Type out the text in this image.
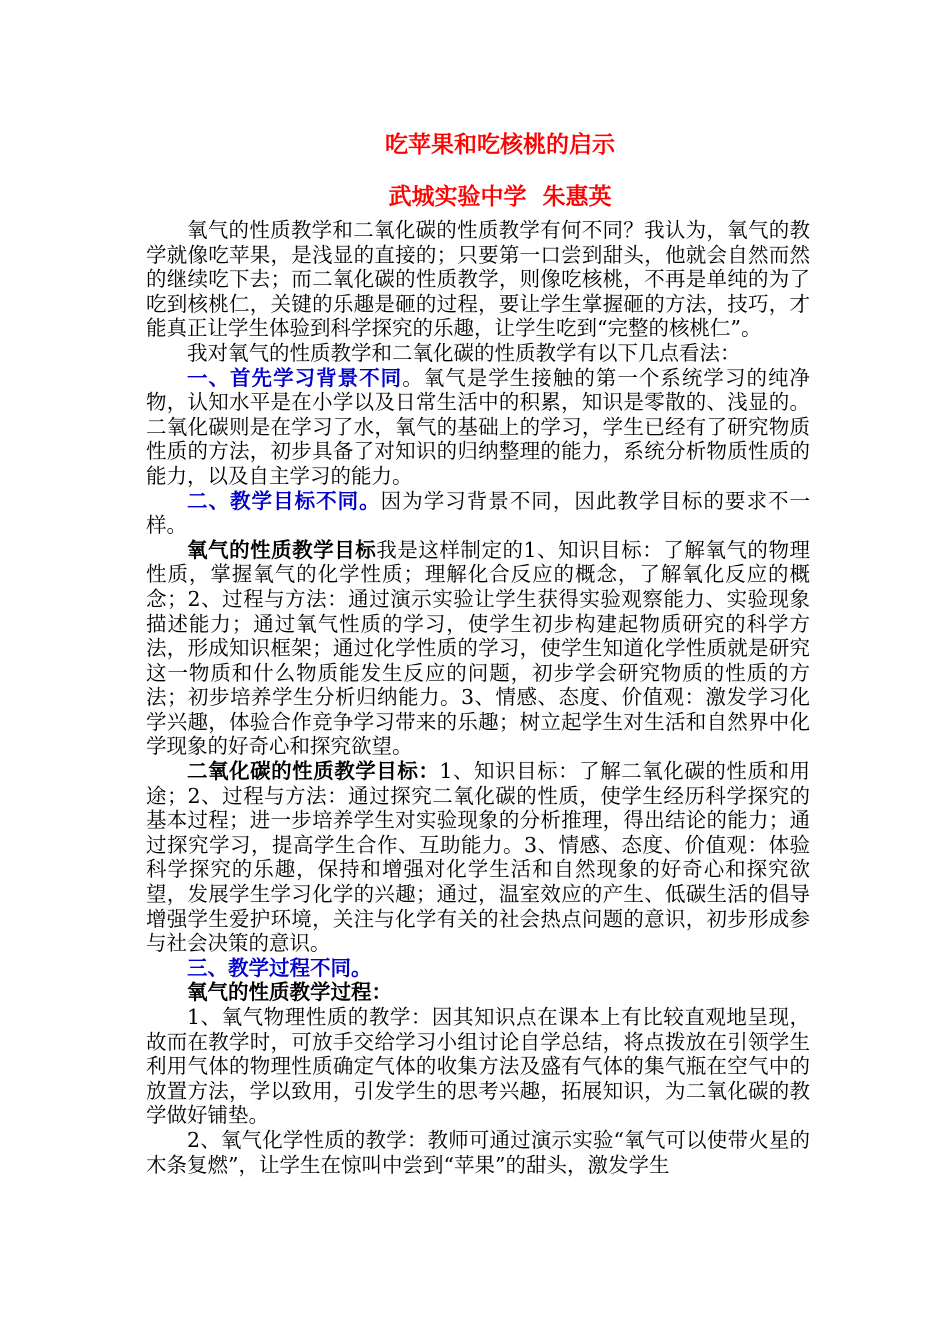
吃苹果和吃核桃的启示

武城实验中学  朱惠英

氧气的性质教学和二氧化碳的性质教学有何不同？我认为，氧气的教学就像吃苹果，是浅显的直接的；只要第一口尝到甜头，他就会自然而然的继续吃下去；而二氧化碳的性质教学，则像吃核桃，不再是单纯的为了吃到核桃仁，关键的乐趣是砸的过程，要让学生掌握砸的方法，技巧，才能真正让学生体验到科学探究的乐趣，让学生吃到“完整的核桃仁”。

我对氧气的性质教学和二氧化碳的性质教学有以下几点看法：

一、首先学习背景不同。氧气是学生接触的第一个系统学习的纯净物，认知水平是在小学以及日常生活中的积累，知识是零散的、浅显的。二氧化碳则是在学习了水，氧气的基础上的学习，学生已经有了研究物质性质的方法，初步具备了对知识的归纳整理的能力，系统分析物质性质的能力，以及自主学习的能力。

二、教学目标不同。因为学习背景不同，因此教学目标的要求不一样。

氧气的性质教学目标我是这样制定的1、知识目标：了解氧气的物理性质，掌握氧气的化学性质；理解化合反应的概念，了解氧化反应的概念；2、过程与方法：通过演示实验让学生获得实验观察能力、实验现象描述能力；通过氧气性质的学习，使学生初步构建起物质研究的科学方法，形成知识框架；通过化学性质的学习，使学生知道化学性质就是研究这一物质和什么物质能发生反应的问题，初步学会研究物质的性质的方法；初步培养学生分析归纳能力。3、情感、态度、价值观：激发学习化学兴趣，体验合作竞争学习带来的乐趣；树立起学生对生活和自然界中化学现象的好奇心和探究欲望。

二氧化碳的性质教学目标：1、知识目标：了解二氧化碳的性质和用途；2、过程与方法：通过探究二氧化碳的性质，使学生经历科学探究的基本过程；进一步培养学生对实验现象的分析推理，得出结论的能力；通过探究学习，提高学生合作、互助能力。3、情感、态度、价值观：体验科学探究的乐趣，保持和增强对化学生活和自然现象的好奇心和探究欲望，发展学生学习化学的兴趣；通过，温室效应的产生、低碳生活的倡导增强学生爱护环境，关注与化学有关的社会热点问题的意识，初步形成参与社会决策的意识。

三、教学过程不同。

氧气的性质教学过程：

1、氧气物理性质的教学：因其知识点在课本上有比较直观地呈现，故而在教学时，可放手交给学习小组讨论自学总结，将点拨放在引领学生利用气体的物理性质确定气体的收集方法及盛有气体的集气瓶在空气中的放置方法，学以致用，引发学生的思考兴趣，拓展知识，为二氧化碳的教学做好铺垫。

2、氧气化学性质的教学：教师可通过演示实验“氧气可以使带火星的木条复燃”，让学生在惊叫中尝到“苹果”的甜头，激发学生
